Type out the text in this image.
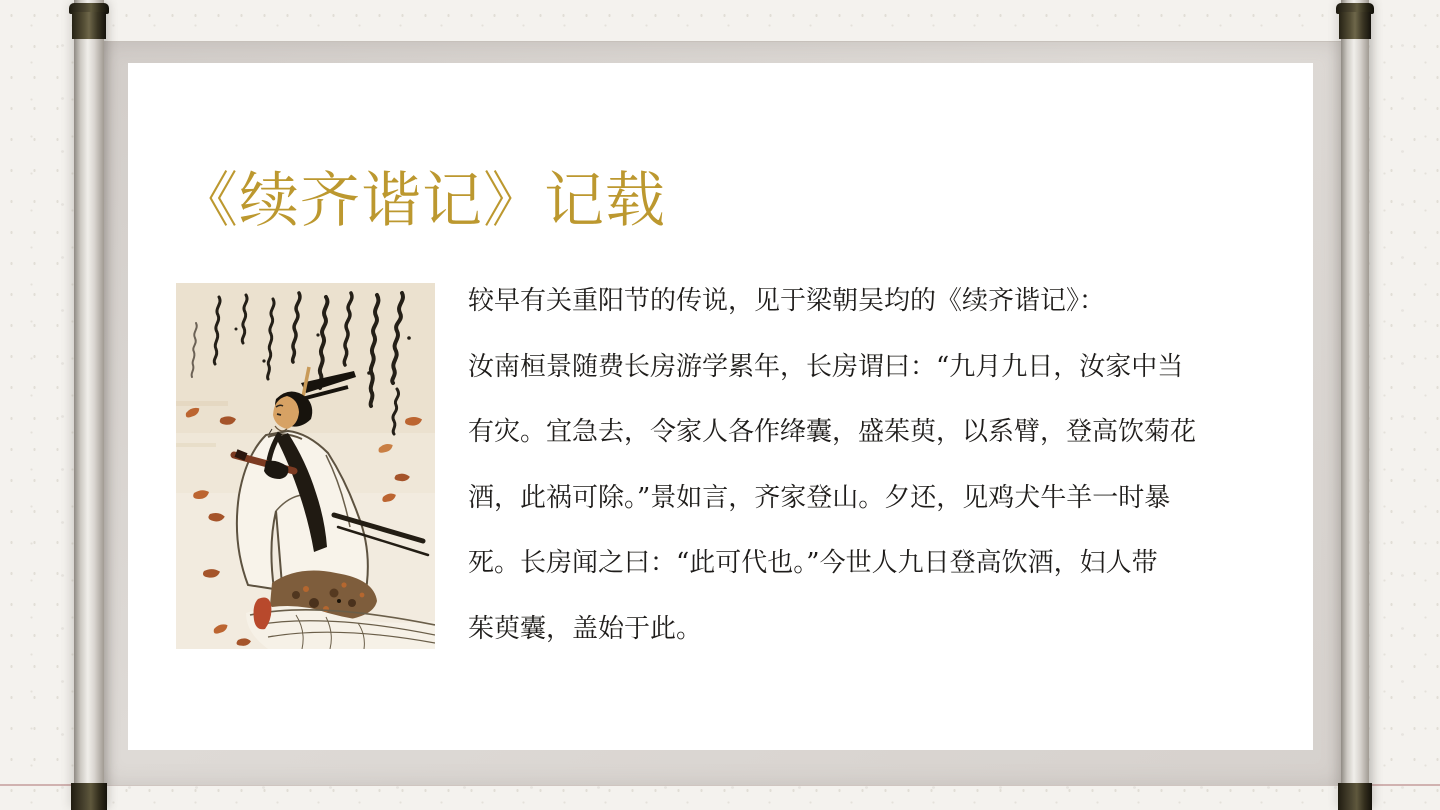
《续齐谐记》记载
较早有关重阳节的传说，见于梁朝吴均的《续齐谐记》：
汝南桓景随费长房游学累年，长房谓曰：“九月九日，汝家中当
有灾。宜急去，令家人各作绛囊，盛茱萸，以系臂，登高饮菊花
酒，此祸可除。”景如言，齐家登山。夕还，见鸡犬牛羊一时暴
死。长房闻之曰：“此可代也。”今世人九日登高饮酒，妇人带
茱萸囊，盖始于此。
